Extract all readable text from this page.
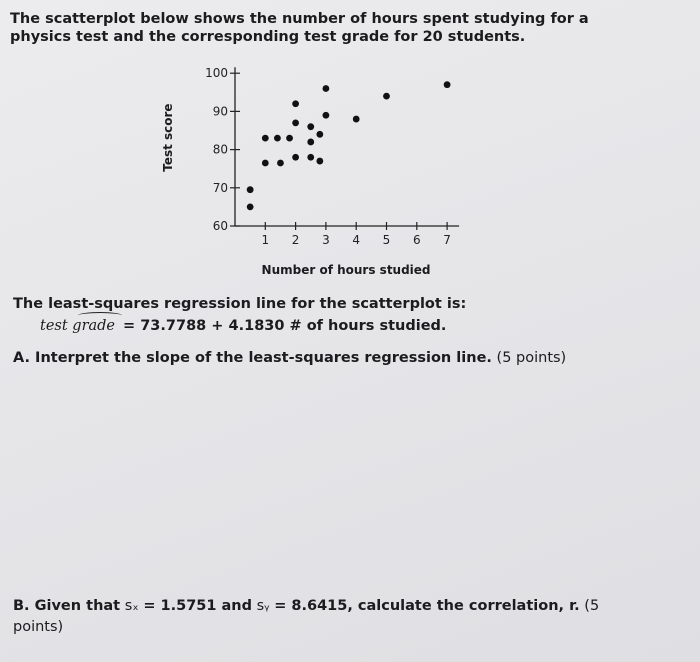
The scatterplot below shows the number of hours spent studying for a physics test and the corresponding test grade for 20 students.

60
70
80
90
100
1 2 3 4 5 6 7
Test score
Number of hours studied

The least-squares regression line for the scatterplot is:

test grade = 73.7788 + 4.1830 # of hours studied.

A. Interpret the slope of the least-squares regression line. (5 points)

B. Given that sₓ = 1.5751 and sᵧ = 8.6415, calculate the correlation, r. (5 points)
